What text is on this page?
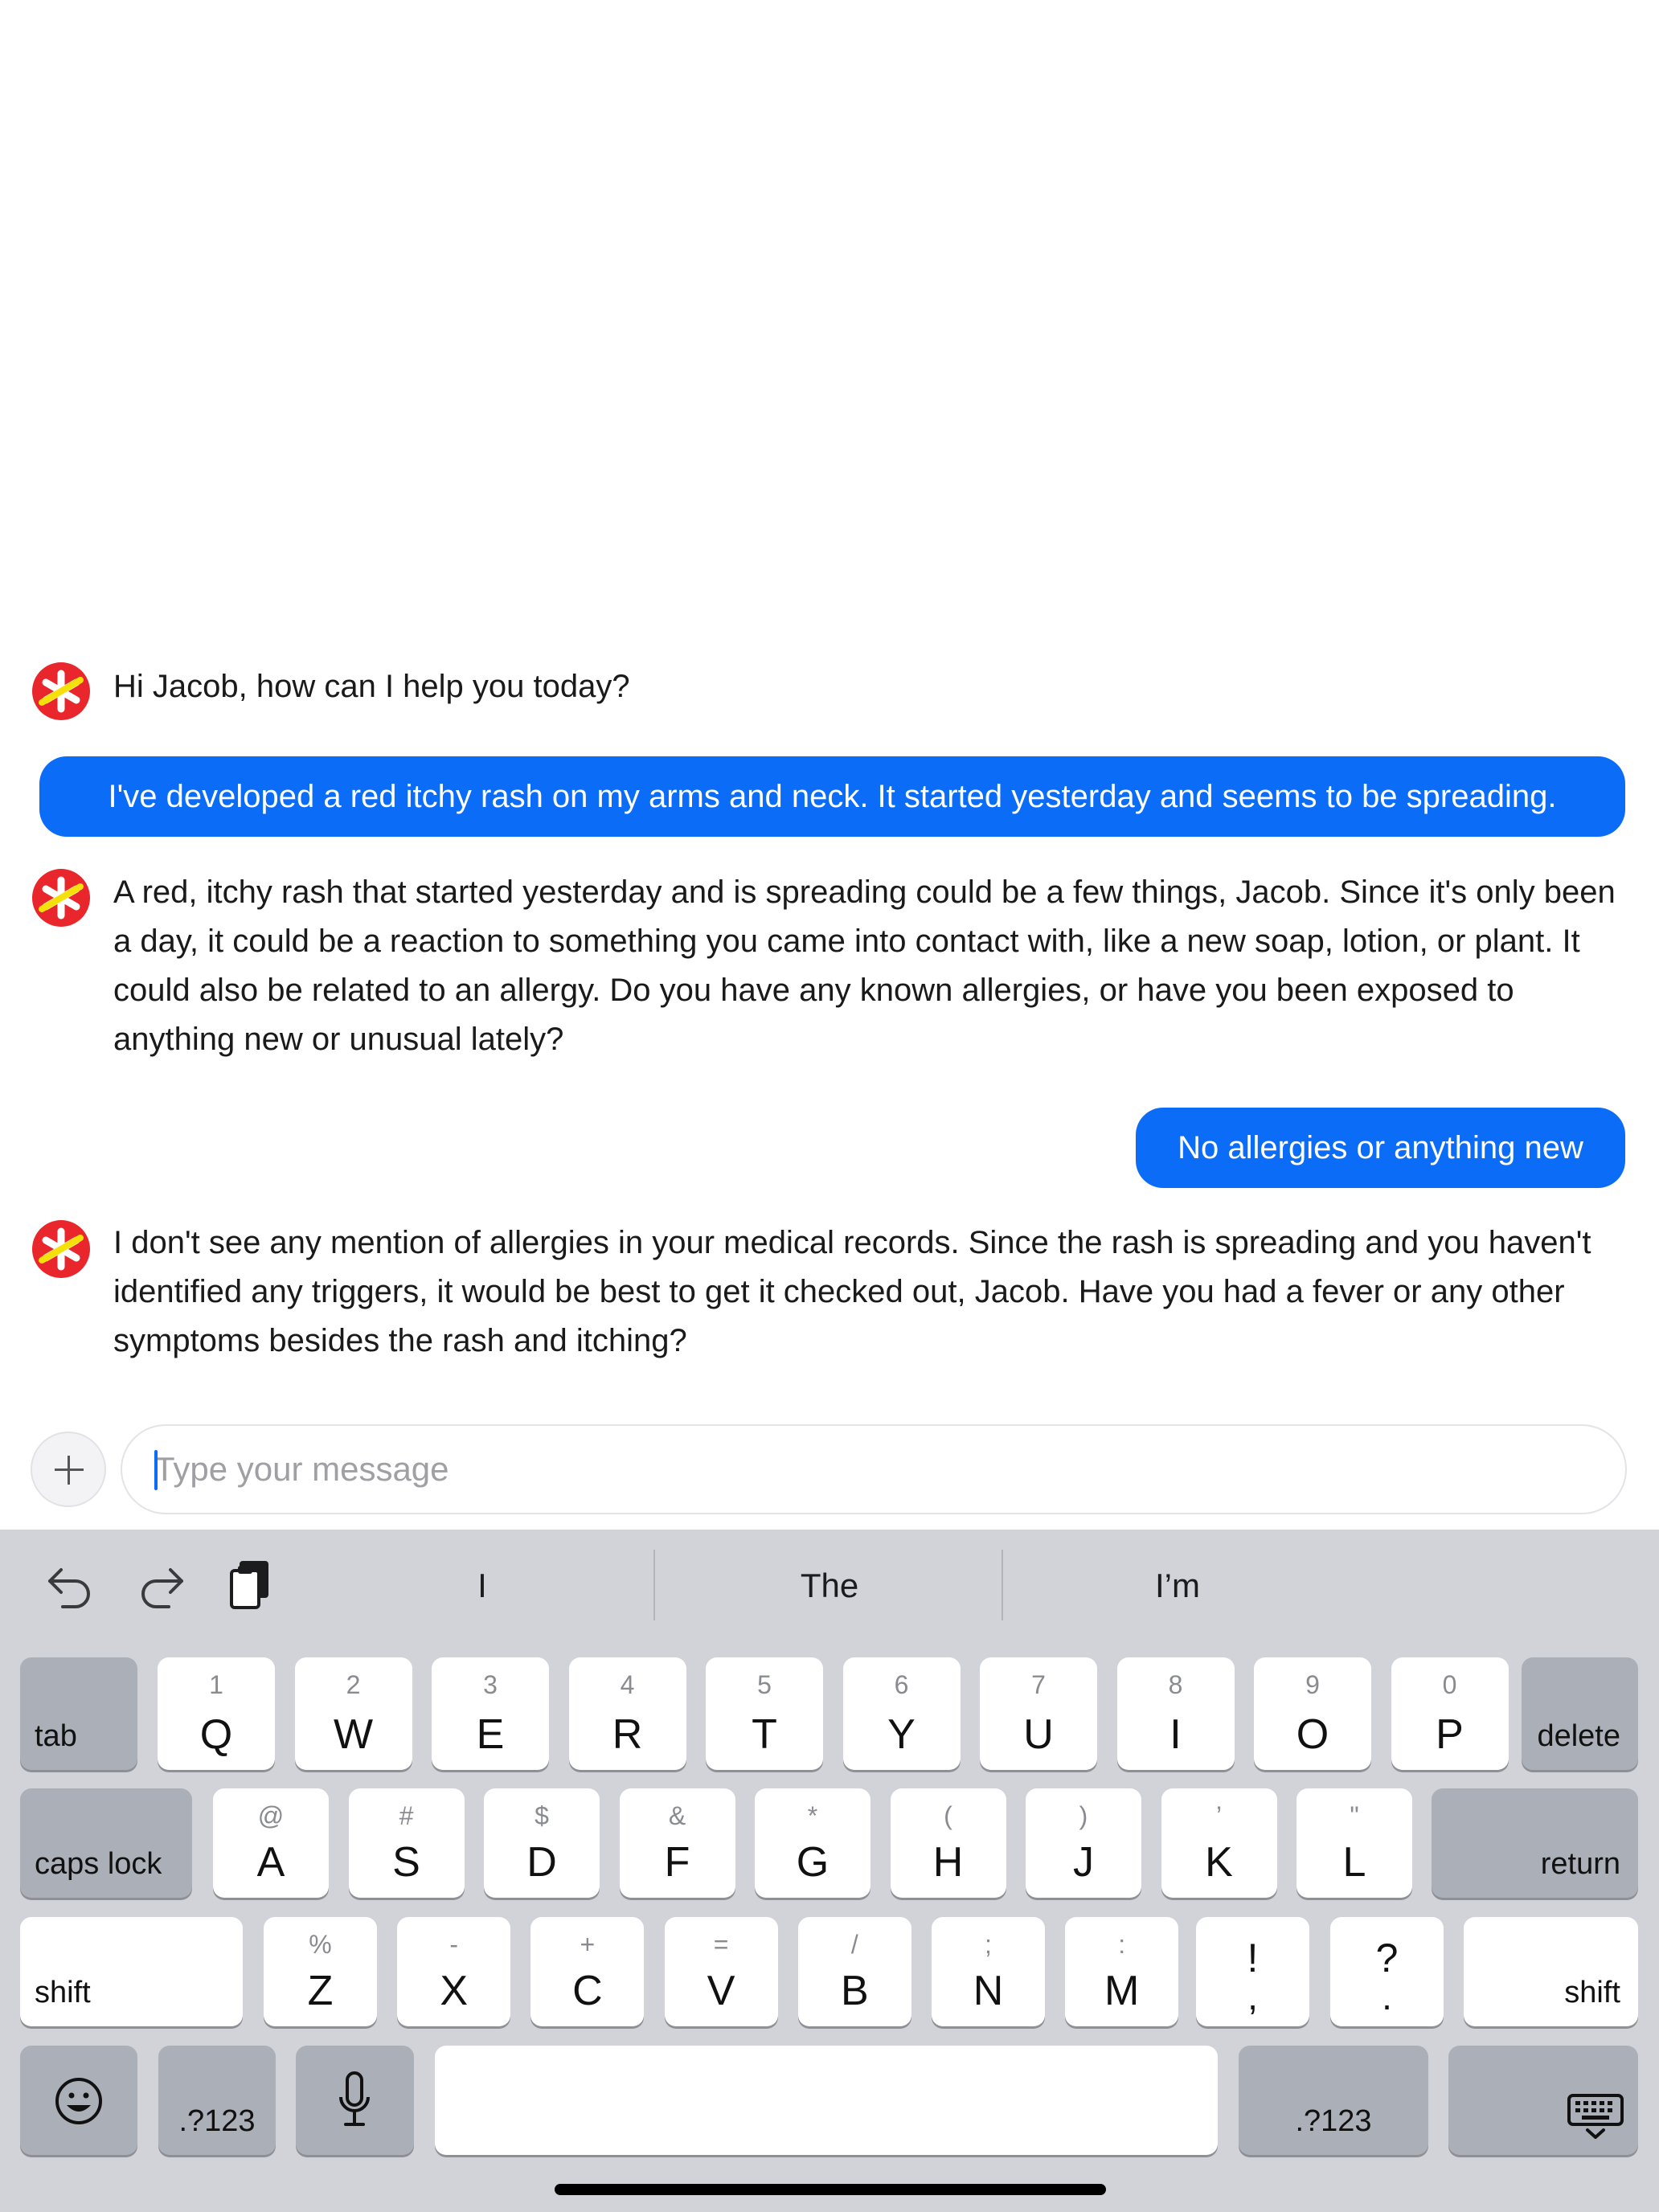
Hi Jacob, how can I help you today?
I've developed a red itchy rash on my arms and neck. It started yesterday and seems to be spreading.
A red, itchy rash that started yesterday and is spreading could be a few things, Jacob. Since it's only been a day, it could be a reaction to something you came into contact with, like a new soap, lotion, or plant. It could also be related to an allergy. Do you have any known allergies, or have you been exposed to anything new or unusual lately?
No allergies or anything new
I don't see any mention of allergies in your medical records. Since the rash is spreading and you haven't identified any triggers, it would be best to get it checked out, Jacob. Have you had a fever or any other symptoms besides the rash and itching?
Type your message
I	The	I’m
tab
1
Q
2
W
3
E
4
R
5
T
6
Y
7
U
8
I
9
O
0
P	delete
caps lock
@
A
#
S
$
D
&
F
*
G
(
H
)
J
’
K
"
L	return
shift
%
Z
-
X
+
C
=
V
/
B
;
N
:
M
!
,
?
.	shift
.?123	.?123
